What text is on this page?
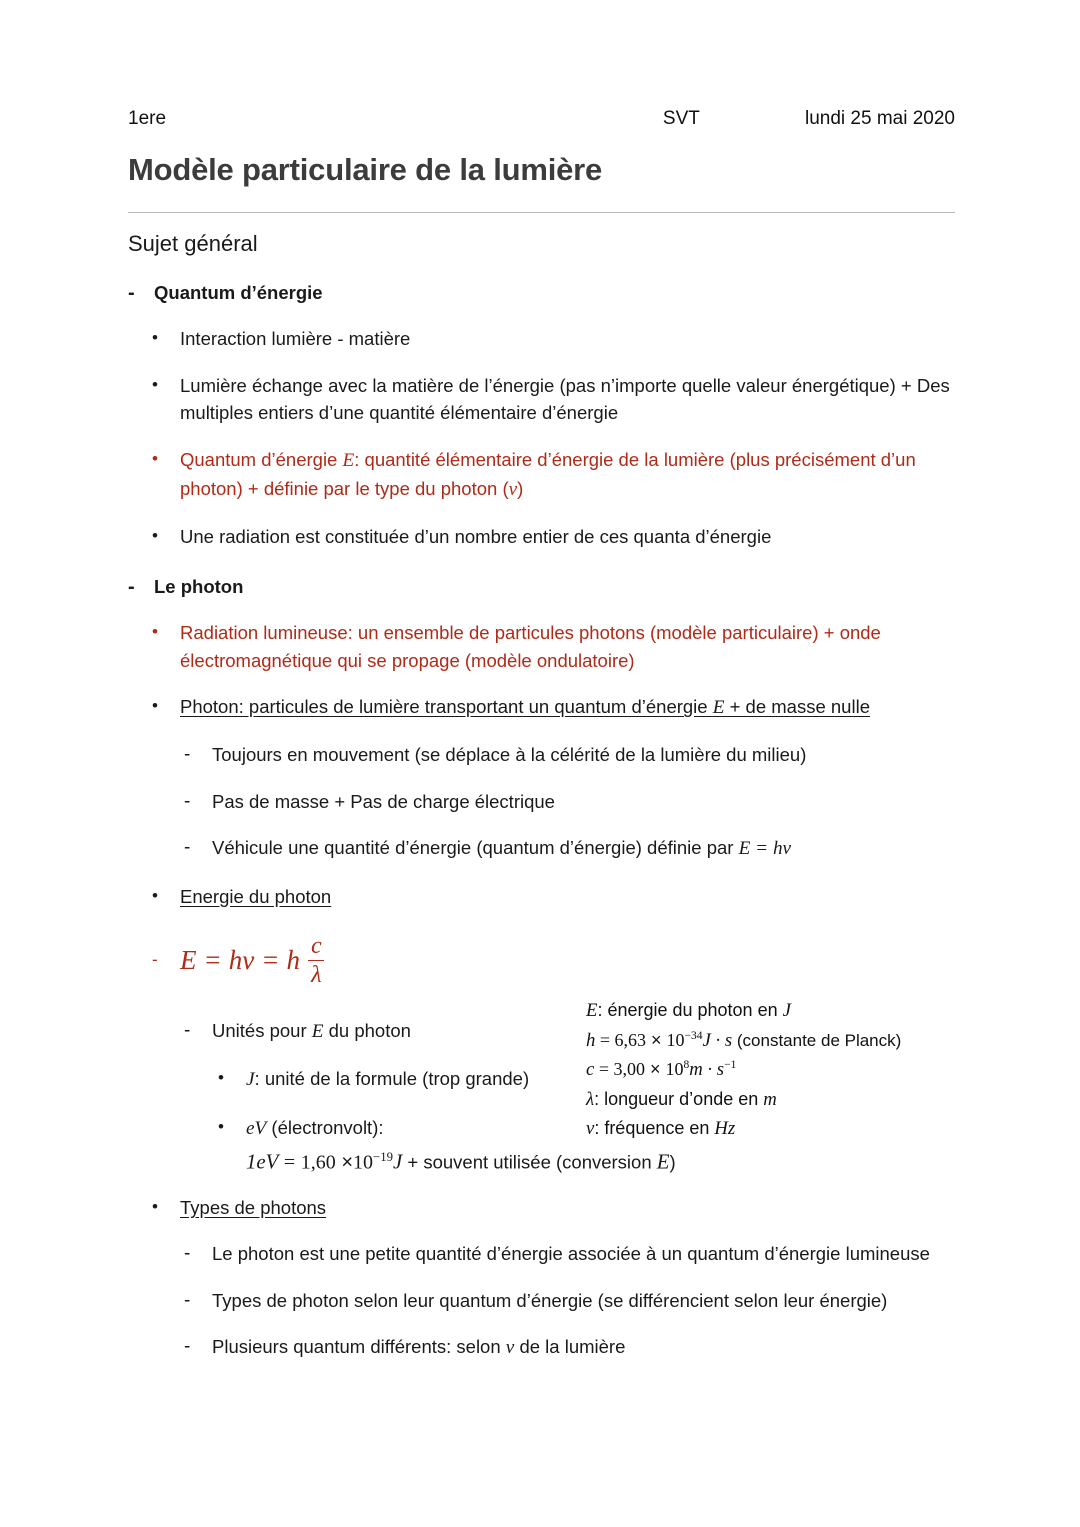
1ere	SVT	lundi 25 mai 2020
Modèle particulaire de la lumière
Sujet général
- Quantum d’énergie
• Interaction lumière - matière
• Lumière échange avec la matière de l’énergie (pas n’importe quelle valeur énergétique) + Des multiples entiers d’une quantité élémentaire d’énergie
• Quantum d’énergie E: quantité élémentaire d’énergie de la lumière (plus précisément d’un photon) + définie par le type du photon (ν)
• Une radiation est constituée d’un nombre entier de ces quanta d’énergie
- Le photon
• Radiation lumineuse: un ensemble de particules photons (modèle particulaire) + onde électromagnétique qui se propage (modèle ondulatoire)
• Photon: particules de lumière transportant un quantum d’énergie E + de masse nulle
- Toujours en mouvement (se déplace à la célérité de la lumière du milieu)
- Pas de masse + Pas de charge électrique
- Véhicule une quantité d’énergie (quantum d’énergie) définie par E = hv
• Energie du photon
- E = hν = h $\frac{c}{\lambda}$
- Unités pour E du photon
• J: unité de la formule (trop grande)
• eV (électronvolt):
$1eV = 1,60 \times 10^{-19}J$ + souvent utilisée (conversion E)
• Types de photons
- Le photon est une petite quantité d’énergie associée à un quantum d’énergie lumineuse
- Types de photon selon leur quantum d’énergie (se différencient selon leur énergie)
- Plusieurs quantum différents: selon ν de la lumière
E: énergie du photon en J
$h = 6,63 \times 10^{-34}J \cdot s$ (constante de Planck)
$c = 3,00 \times 10^8m \cdot s^{-1}$
λ: longueur d’onde en m
ν: fréquence en Hz
